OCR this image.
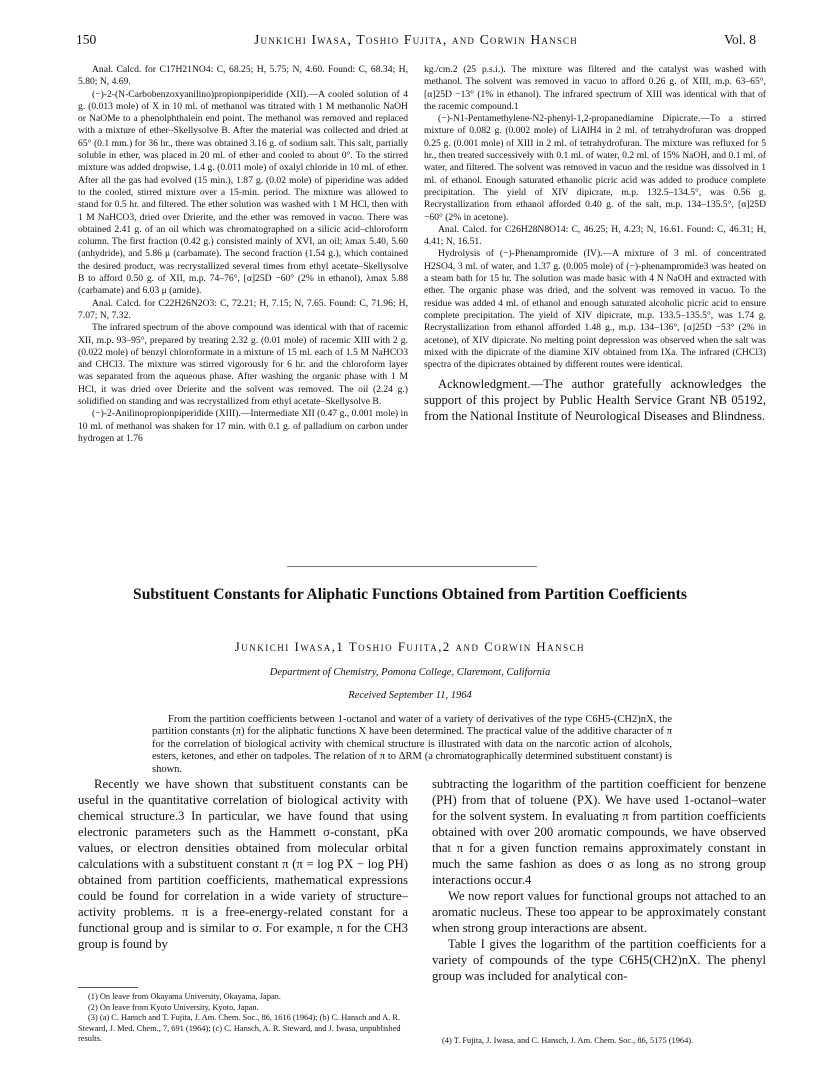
150	Junkichi Iwasa, Toshio Fujita, and Corwin Hansch	Vol. 8

Anal. Calcd. for C17H21NO4: C, 68.25; H, 5.75; N, 4.60. Found: C, 68.34; H, 5.80; N, 4.69.

(−)-2-(N-Carbobenzoxyanilino)propionpiperidide (XII).—A cooled solution of 4 g. (0.013 mole) of X in 10 ml. of methanol was titrated with 1 M methanolic NaOH or NaOMe to a phenolphthalein end point. The methanol was removed and replaced with a mixture of ether–Skellysolve B. After the material was collected and dried at 65° (0.1 mm.) for 36 hr., there was obtained 3.16 g. of sodium salt. This salt, partially soluble in ether, was placed in 20 ml. of ether and cooled to about 0°. To the stirred mixture was added dropwise, 1.4 g. (0.011 mole) of oxalyl chloride in 10 ml. of ether. After all the gas had evolved (15 min.), 1.87 g. (0.02 mole) of piperidine was added to the cooled, stirred mixture over a 15-min. period. The mixture was allowed to stand for 0.5 hr. and filtered. The ether solution was washed with 1 M HCl, then with 1 M NaHCO3, dried over Drierite, and the ether was removed in vacuo. There was obtained 2.41 g. of an oil which was chromatographed on a silicic acid–chloroform column. The first fraction (0.42 g.) consisted mainly of XVI, an oil; λmax 5.40, 5.60 (anhydride), and 5.86 μ (carbamate). The second fraction (1.54 g.), which contained the desired product, was recrystallized several times from ethyl acetate–Skellysolve B to afford 0.50 g. of XII, m.p. 74–76°, [α]25D −60° (2% in ethanol), λmax 5.88 (carbamate) and 6.03 μ (amide).

Anal. Calcd. for C22H26N2O3: C, 72.21; H, 7.15; N, 7.65. Found: C, 71.96; H, 7.07; N, 7.32.

The infrared spectrum of the above compound was identical with that of racemic XII, m.p. 93–95°, prepared by treating 2.32 g. (0.01 mole) of racemic XIII with 2 g. (0.022 mole) of benzyl chloroformate in a mixture of 15 ml. each of 1.5 M NaHCO3 and CHCl3. The mixture was stirred vigorously for 6 hr. and the chloroform layer was separated from the aqueous phase. After washing the organic phase with 1 M HCl, it was dried over Drierite and the solvent was removed. The oil (2.24 g.) solidified on standing and was recrystallized from ethyl acetate–Skellysolve B.

(−)-2-Anilinopropionpiperidide (XIII).—Intermediate XII (0.47 g., 0.001 mole) in 10 ml. of methanol was shaken for 17 min. with 0.1 g. of palladium on carbon under hydrogen at 1.76

kg./cm.2 (25 p.s.i.). The mixture was filtered and the catalyst was washed with methanol. The solvent was removed in vacuo to afford 0.26 g. of XIII, m.p. 63–65°, [α]25D −13° (1% in ethanol). The infrared spectrum of XIII was identical with that of the racemic compound.1

(−)-N1-Pentamethylene-N2-phenyl-1,2-propanediamine Dipicrate.—To a stirred mixture of 0.082 g. (0.002 mole) of LiAlH4 in 2 ml. of tetrahydrofuran was dropped 0.25 g. (0.001 mole) of XIII in 2 ml. of tetrahydrofuran. The mixture was refluxed for 5 hr., then treated successively with 0.1 ml. of water, 0.2 ml. of 15% NaOH, and 0.1 ml. of water, and filtered. The solvent was removed in vacuo and the residue was dissolved in 1 ml. of ethanol. Enough saturated ethanolic picric acid was added to produce complete precipitation. The yield of XIV dipicrate, m.p. 132.5–134.5°, was 0.56 g. Recrystallization from ethanol afforded 0.40 g. of the salt, m.p. 134–135.5°, [α]25D −60° (2% in acetone).

Anal. Calcd. for C26H28N8O14: C, 46.25; H, 4.23; N, 16.61. Found: C, 46.31; H, 4.41; N, 16.51.

Hydrolysis of (−)-Phenampromide (IV).—A mixture of 3 ml. of concentrated H2SO4, 3 ml. of water, and 1.37 g. (0.005 mole) of (−)-phenampromide3 was heated on a steam bath for 15 hr. The solution was made basic with 4 N NaOH and extracted with ether. The organic phase was dried, and the solvent was removed in vacuo. To the residue was added 4 ml. of ethanol and enough saturated alcoholic picric acid to ensure complete precipitation. The yield of XIV dipicrate, m.p. 133.5–135.5°, was 1.74 g. Recrystallization from ethanol afforded 1.48 g., m.p. 134–136°, [α]25D −53° (2% in acetone), of XIV dipicrate. No melting point depression was observed when the salt was mixed with the dipicrate of the diamine XIV obtained from IXa. The infrared (CHCl3) spectra of the dipicrates obtained by different routes were identical.

Acknowledgment.—The author gratefully acknowledges the support of this project by Public Health Service Grant NB 05192, from the National Institute of Neurological Diseases and Blindness.

Substituent Constants for Aliphatic Functions Obtained from Partition Coefficients
Junkichi Iwasa,1 Toshio Fujita,2 and Corwin Hansch
Department of Chemistry, Pomona College, Claremont, California
Received September 11, 1964

From the partition coefficients between 1-octanol and water of a variety of derivatives of the type C6H5-(CH2)nX, the partition constants (π) for the aliphatic functions X have been determined. The practical value of the additive character of π for the correlation of biological activity with chemical structure is illustrated with data on the narcotic action of alcohols, esters, ketones, and ether on tadpoles. The relation of π to ΔRM (a chromatographically determined substituent constant) is shown.

Recently we have shown that substituent constants can be useful in the quantitative correlation of biological activity with chemical structure.3 In particular, we have found that using electronic parameters such as the Hammett σ-constant, pKa values, or electron densities obtained from molecular orbital calculations with a substituent constant π (π = log PX − log PH) obtained from partition coefficients, mathematical expressions could be found for correlation in a wide variety of structure–activity problems. π is a free-energy-related constant for a functional group and is similar to σ. For example, π for the CH3 group is found by

subtracting the logarithm of the partition coefficient for benzene (PH) from that of toluene (PX). We have used 1-octanol–water for the solvent system. In evaluating π from partition coefficients obtained with over 200 aromatic compounds, we have observed that π for a given function remains approximately constant in much the same fashion as does σ as long as no strong group interactions occur.4

We now report values for functional groups not attached to an aromatic nucleus. These too appear to be approximately constant when strong group interactions are absent.

Table I gives the logarithm of the partition coefficients for a variety of compounds of the type C6H5(CH2)nX. The phenyl group was included for analytical con-

(1) On leave from Okayama University, Okayama, Japan.
(2) On leave from Kyoto University, Kyoto, Japan.
(3) (a) C. Hansch and T. Fujita, J. Am. Chem. Soc., 86, 1616 (1964); (b) C. Hansch and A. R. Steward, J. Med. Chem., 7, 691 (1964); (c) C. Hansch, A. R. Steward, and J. Iwasa, unpublished results.	(4) T. Fujita, J. Iwasa, and C. Hansch, J. Am. Chem. Soc., 86, 5175 (1964).
